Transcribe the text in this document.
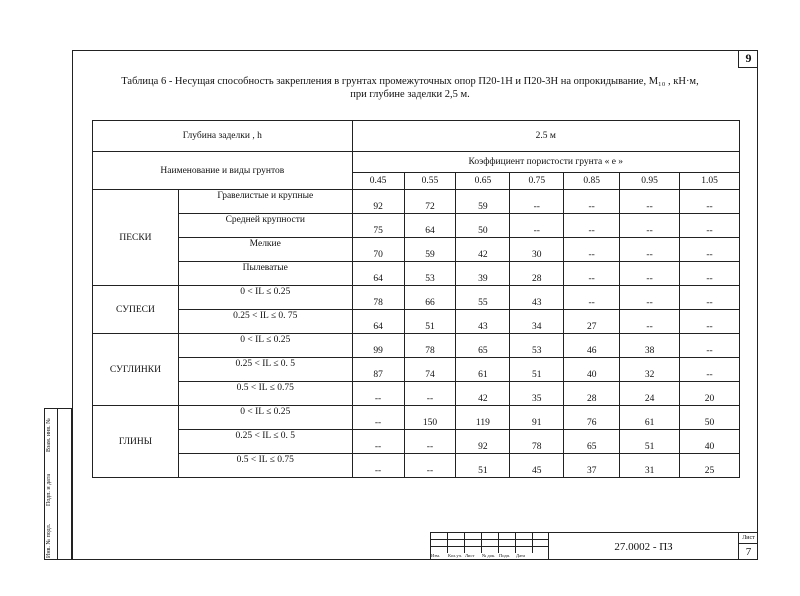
9
Таблица 6 - Несущая способность закрепления в грунтах промежуточных опор П20-1Н и П20-3Н на опрокидывание, M₁₀ , кН·м,
при глубине заделки 2,5 м.
Глубина заделки , h		2.5 м						
Наименование и виды грунтов		Коэффициент пористости грунта « е »						
		0.45	0.55	0.65	0.75	0.85	0.95	1.05
ПЕСКИ	Гравелистые и крупные	92	72	59	--	--	--	--
	Средней крупности	75	64	50	--	--	--	--
	Мелкие	70	59	42	30	--	--	--
	Пылеватые	64	53	39	28	--	--	--
СУПЕСИ	0 < IL ≤ 0.25	78	66	55	43	--	--	--
	0.25 < IL ≤ 0. 75	64	51	43	34	27	--	--
СУГЛИНКИ	0 < IL ≤ 0.25	99	78	65	53	46	38	--
	0.25 < IL ≤ 0. 5	87	74	61	51	40	32	--
	0.5 < IL ≤ 0.75	--	--	42	35	28	24	20
ГЛИНЫ	0 < IL ≤ 0.25	--	150	119	91	76	61	50
	0.25 < IL ≤ 0. 5	--	--	92	78	65	51	40
	0.5 < IL ≤ 0.75	--	--	51	45	37	31	25
Инв. № подл.
Подп. и дата
Взам. инв. №
Изм. Кол.уч. Лист № док. Подп. Дата
27.0002 - ПЗ
Лист
7
